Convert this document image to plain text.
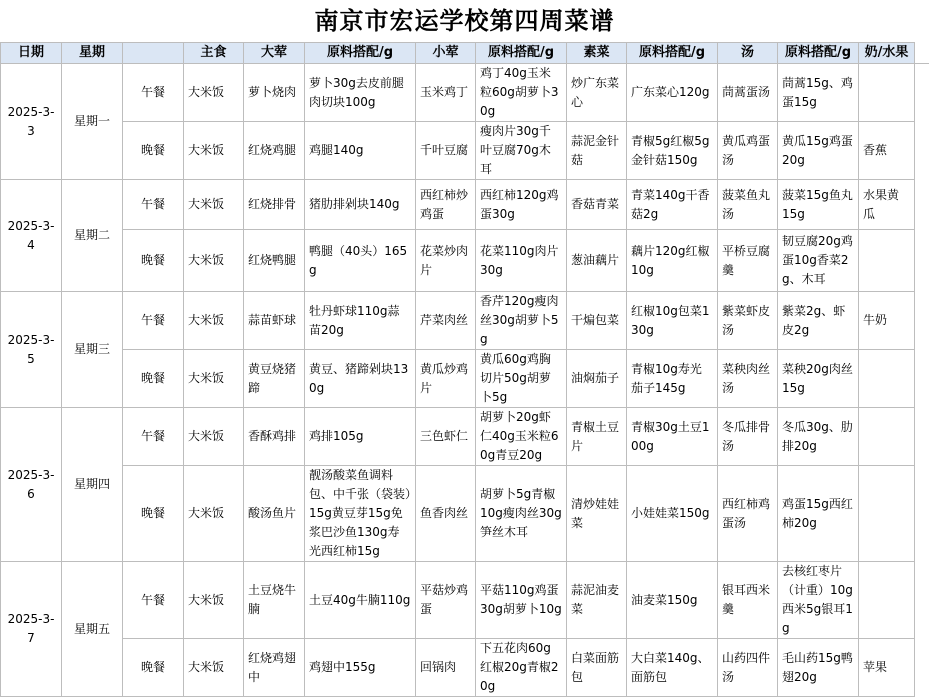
南京市宏运学校第四周菜谱
日期	星期		主食	大荤	原料搭配/g	小荤	原料搭配/g	素菜	原料搭配/g	汤	原料搭配/g	奶/水果
2025-3-3	星期一	午餐	大米饭	萝卜烧肉	萝卜30g去皮前腿肉切块100g	玉米鸡丁	鸡丁40g玉米粒60g胡萝卜30g	炒广东菜心	广东菜心120g	茼蒿蛋汤	茼蒿15g、鸡蛋15g	
		晚餐	大米饭	红烧鸡腿	鸡腿140g	千叶豆腐	瘦肉片30g千叶豆腐70g木耳	蒜泥金针菇	青椒5g红椒5g金针菇150g	黄瓜鸡蛋汤	黄瓜15g鸡蛋20g	香蕉
2025-3-4	星期二	午餐	大米饭	红烧排骨	猪肋排剁块140g	西红柿炒鸡蛋	西红柿120g鸡蛋30g	香菇青菜	青菜140g干香菇2g	菠菜鱼丸汤	菠菜15g鱼丸15g	水果黄瓜
		晚餐	大米饭	红烧鸭腿	鸭腿（40头）165g	花菜炒肉片	花菜110g肉片30g	葱油藕片	藕片120g红椒10g	平桥豆腐羹	韧豆腐20g鸡蛋10g香菜2g、木耳	
2025-3-5	星期三	午餐	大米饭	蒜苗虾球	牡丹虾球110g蒜苗20g	芹菜肉丝	香芹120g瘦肉丝30g胡萝卜5g	干煸包菜	红椒10g包菜130g	紫菜虾皮汤	紫菜2g、虾皮2g	牛奶
		晚餐	大米饭	黄豆烧猪蹄	黄豆、猪蹄剁块130g	黄瓜炒鸡片	黄瓜60g鸡胸切片50g胡萝卜5g	油焖茄子	青椒10g寿光茄子145g	菜秧肉丝汤	菜秧20g肉丝15g	
2025-3-6	星期四	午餐	大米饭	香酥鸡排	鸡排105g	三色虾仁	胡萝卜20g虾仁40g玉米粒60g青豆20g	青椒土豆片	青椒30g土豆100g	冬瓜排骨汤	冬瓜30g、肋排20g	
		晚餐	大米饭	酸汤鱼片	靓汤酸菜鱼调料包、中千张（袋装）15g黄豆芽15g免浆巴沙鱼130g寿光西红柿15g	鱼香肉丝	胡萝卜5g青椒10g瘦肉丝30g笋丝木耳	清炒娃娃菜	小娃娃菜150g	西红柿鸡蛋汤	鸡蛋15g西红柿20g	
2025-3-7	星期五	午餐	大米饭	土豆烧牛腩	土豆40g牛腩110g	平菇炒鸡蛋	平菇110g鸡蛋30g胡萝卜10g	蒜泥油麦菜	油麦菜150g	银耳西米羹	去核红枣片（计重）10g西米5g银耳1g	
		晚餐	大米饭	红烧鸡翅中	鸡翅中155g	回锅肉	下五花肉60g红椒20g青椒20g	白菜面筋包	大白菜140g、面筋包	山药四件汤	毛山药15g鸭翅20g	苹果
